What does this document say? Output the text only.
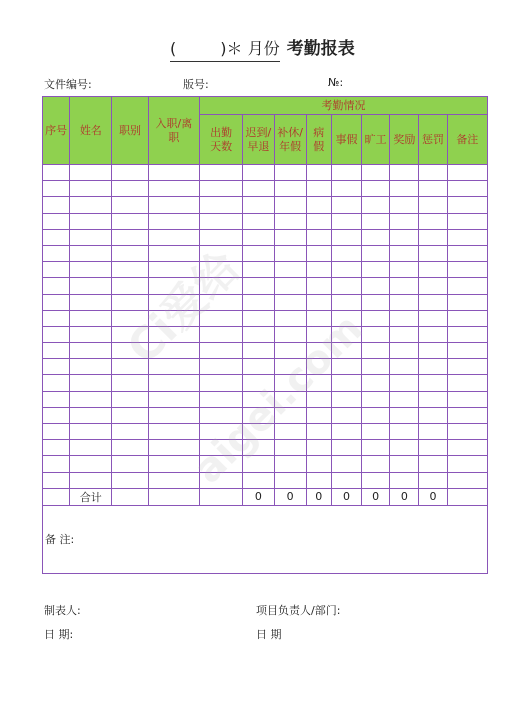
(	)＊ 月份 考勤报表
文件编号:	版号:	№:
序号	姓名	职别	入职/离职	考勤情况								
				出勤天数	迟到/早退	补休/年假	病假	事假	旷工	奖励	惩罚	备注

	合计				0	0	0	0	0	0	0	
备 注:												
Ci爱给
aigei.com
制表人:	项目负责人/部门:
日 期:	日 期
